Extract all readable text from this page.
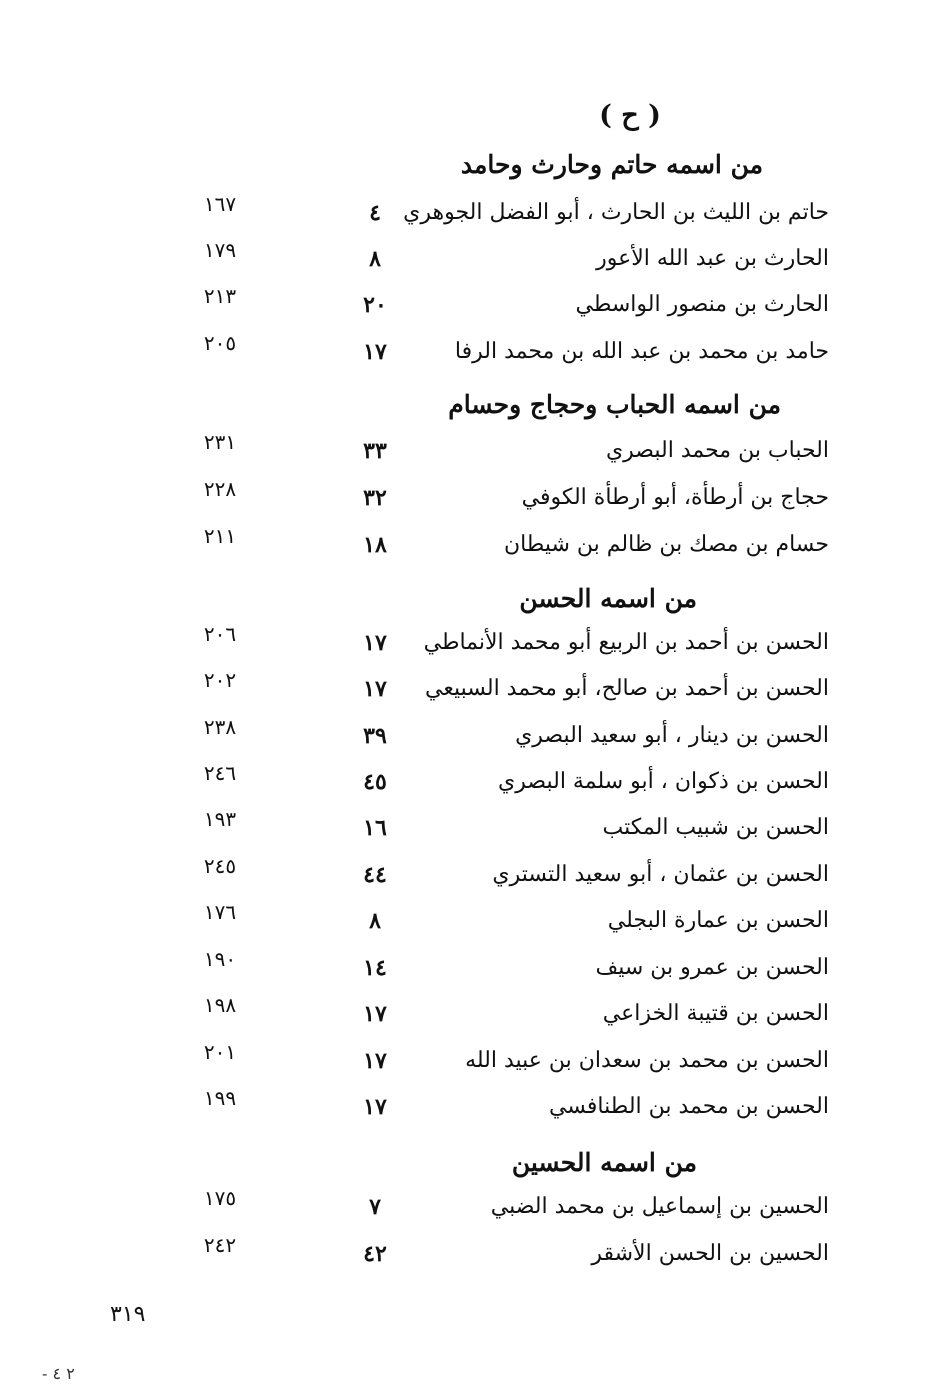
( ح )
من اسمه حاتم وحارث وحامد
حاتم بن الليث بن الحارث ، أبو الفضل الجوهري
٤
١٦٧
الحارث بن عبد الله الأعور
٨
١٧٩
الحارث بن منصور الواسطي
٢٠
٢١٣
حامد بن محمد بن عبد الله بن محمد الرفا
١٧
٢٠٥
من اسمه الحباب وحجاج وحسام
الحباب بن محمد البصري
٣٣
٢٣١
حجاج بن أرطأة، أبو أرطأة الكوفي
٣٢
٢٢٨
حسام بن مصك بن ظالم بن شيطان
١٨
٢١١
من اسمه الحسن
الحسن بن أحمد بن الربيع أبو محمد الأنماطي
١٧
٢٠٦
الحسن بن أحمد بن صالح، أبو محمد السبيعي
١٧
٢٠٢
الحسن بن دينار ، أبو سعيد البصري
٣٩
٢٣٨
الحسن بن ذكوان ، أبو سلمة البصري
٤٥
٢٤٦
الحسن بن شبيب المكتب
١٦
١٩٣
الحسن بن عثمان ، أبو سعيد التستري
٤٤
٢٤٥
الحسن بن عمارة البجلي
٨
١٧٦
الحسن بن عمرو بن سيف
١٤
١٩٠
الحسن بن قتيبة الخزاعي
١٧
١٩٨
الحسن بن محمد بن سعدان بن عبيد الله
١٧
٢٠١
الحسن بن محمد بن الطنافسي
١٧
١٩٩
من اسمه الحسين
الحسين بن إسماعيل بن محمد الضبي
٧
١٧٥
الحسين بن الحسن الأشقر
٤٢
٢٤٢
٣١٩
- ٢ ٤
